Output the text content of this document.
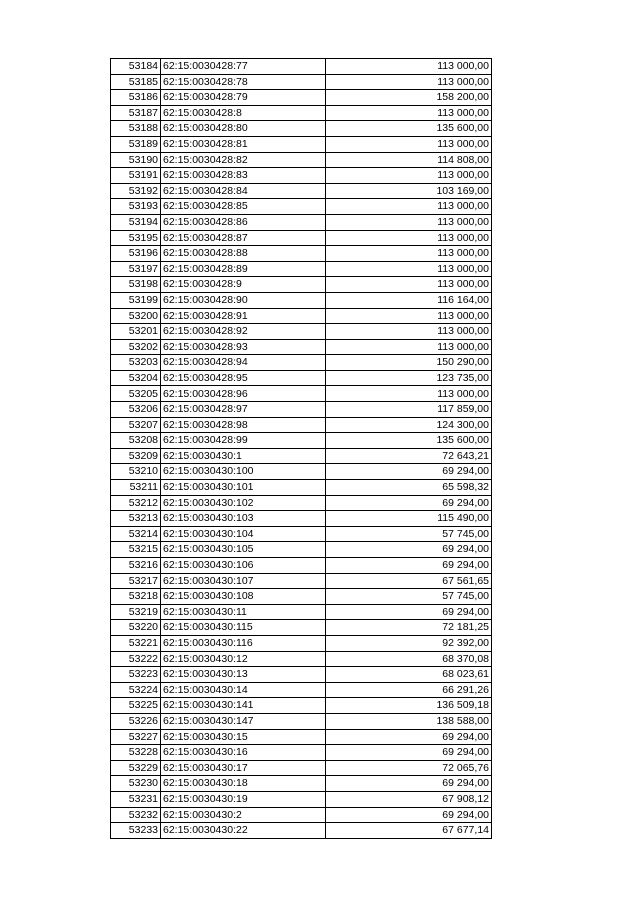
53184	62:15:0030428:77	113 000,00
53185	62:15:0030428:78	113 000,00
53186	62:15:0030428:79	158 200,00
53187	62:15:0030428:8	113 000,00
53188	62:15:0030428:80	135 600,00
53189	62:15:0030428:81	113 000,00
53190	62:15:0030428:82	114 808,00
53191	62:15:0030428:83	113 000,00
53192	62:15:0030428:84	103 169,00
53193	62:15:0030428:85	113 000,00
53194	62:15:0030428:86	113 000,00
53195	62:15:0030428:87	113 000,00
53196	62:15:0030428:88	113 000,00
53197	62:15:0030428:89	113 000,00
53198	62:15:0030428:9	113 000,00
53199	62:15:0030428:90	116 164,00
53200	62:15:0030428:91	113 000,00
53201	62:15:0030428:92	113 000,00
53202	62:15:0030428:93	113 000,00
53203	62:15:0030428:94	150 290,00
53204	62:15:0030428:95	123 735,00
53205	62:15:0030428:96	113 000,00
53206	62:15:0030428:97	117 859,00
53207	62:15:0030428:98	124 300,00
53208	62:15:0030428:99	135 600,00
53209	62:15:0030430:1	72 643,21
53210	62:15:0030430:100	69 294,00
53211	62:15:0030430:101	65 598,32
53212	62:15:0030430:102	69 294,00
53213	62:15:0030430:103	115 490,00
53214	62:15:0030430:104	57 745,00
53215	62:15:0030430:105	69 294,00
53216	62:15:0030430:106	69 294,00
53217	62:15:0030430:107	67 561,65
53218	62:15:0030430:108	57 745,00
53219	62:15:0030430:11	69 294,00
53220	62:15:0030430:115	72 181,25
53221	62:15:0030430:116	92 392,00
53222	62:15:0030430:12	68 370,08
53223	62:15:0030430:13	68 023,61
53224	62:15:0030430:14	66 291,26
53225	62:15:0030430:141	136 509,18
53226	62:15:0030430:147	138 588,00
53227	62:15:0030430:15	69 294,00
53228	62:15:0030430:16	69 294,00
53229	62:15:0030430:17	72 065,76
53230	62:15:0030430:18	69 294,00
53231	62:15:0030430:19	67 908,12
53232	62:15:0030430:2	69 294,00
53233	62:15:0030430:22	67 677,14
